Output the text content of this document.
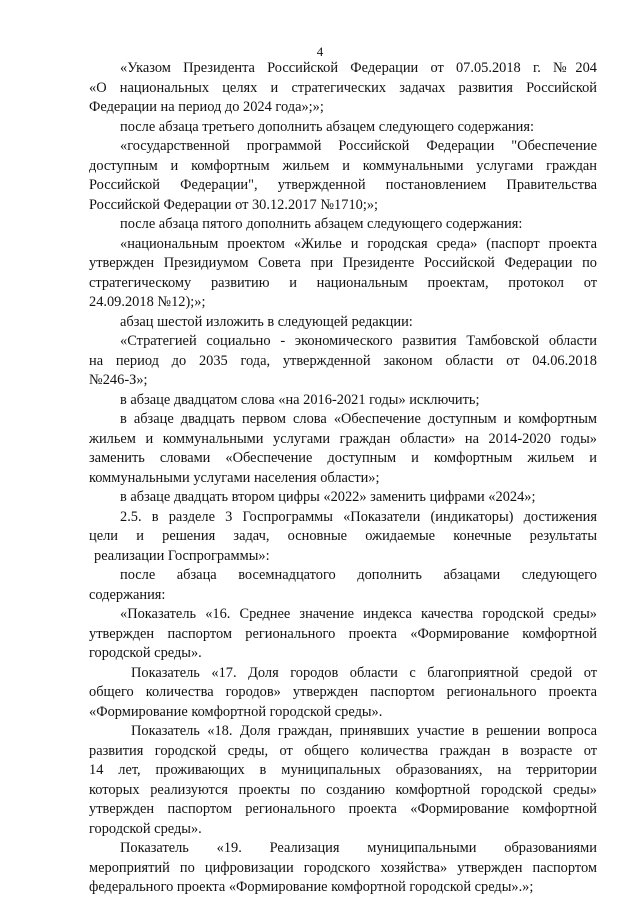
4
«Указом Президента Российской Федерации от 07.05.2018 г. №204
«О национальных целях и стратегических задачах развития Российской
Федерации на период до 2024 года»;»;
после абзаца третьего дополнить абзацем следующего содержания:
«государственной программой Российской Федерации "Обеспечение
доступным и комфортным жильем и коммунальными услугами граждан
Российской Федерации", утвержденной постановлением Правительства
Российской Федерации от 30.12.2017 №1710;»;
после абзаца пятого дополнить абзацем следующего содержания:
«национальным проектом «Жилье и городская среда» (паспорт проекта
утвержден Президиумом Совета при Президенте Российской Федерации по
стратегическому развитию и национальным проектам, протокол от
24.09.2018 №12);»;
абзац шестой изложить в следующей редакции:
«Стратегией социально - экономического развития Тамбовской области
на период до 2035 года, утвержденной законом области от 04.06.2018
№246-З»;
в абзаце двадцатом слова «на 2016-2021 годы» исключить;
в абзаце двадцать первом слова «Обеспечение доступным и комфортным
жильем и коммунальными услугами граждан области» на 2014-2020 годы»
заменить словами «Обеспечение доступным и комфортным жильем и
коммунальными услугами населения области»;
в абзаце двадцать втором цифры «2022» заменить цифрами «2024»;
2.5. в разделе 3 Госпрограммы «Показатели (индикаторы) достижения
цели и решения задач, основные ожидаемые конечные результаты
реализации Госпрограммы»:
после абзаца восемнадцатого дополнить абзацами следующего
содержания:
«Показатель «16. Среднее значение индекса качества городской среды»
утвержден паспортом регионального проекта «Формирование комфортной
городской среды».
Показатель «17. Доля городов области с благоприятной средой от
общего количества городов» утвержден паспортом регионального проекта
«Формирование комфортной городской среды».
Показатель «18. Доля граждан, принявших участие в решении вопроса
развития городской среды, от общего количества граждан в возрасте от
14 лет, проживающих в муниципальных образованиях, на территории
которых реализуются проекты по созданию комфортной городской среды»
утвержден паспортом регионального проекта «Формирование комфортной
городской среды».
Показатель «19. Реализация муниципальными образованиями
мероприятий по цифровизации городского хозяйства» утвержден паспортом
федерального проекта «Формирование комфортной городской среды».»;
